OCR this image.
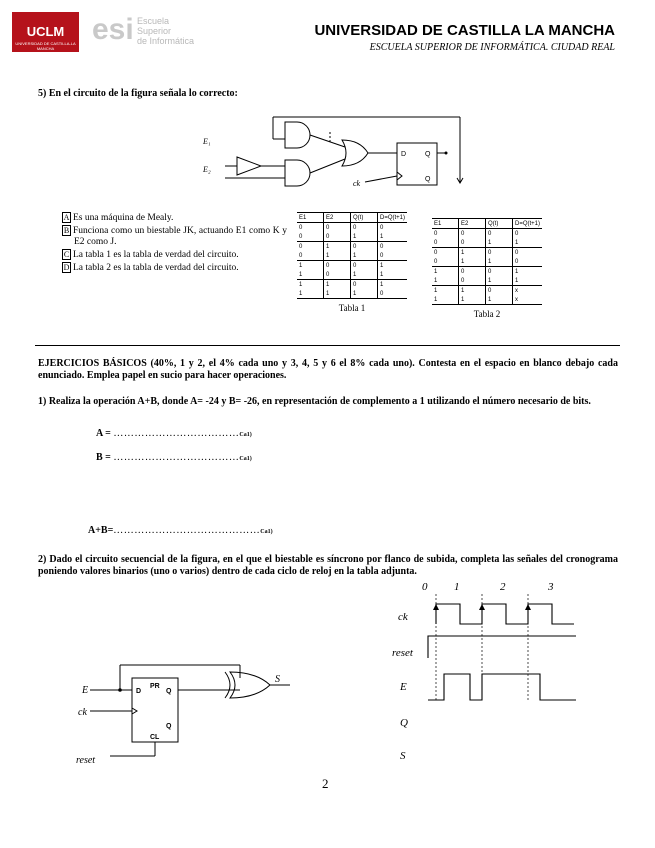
UCLM
UNIVERSIDAD DE CASTILLA-LA MANCHA
esi Escuela
Superior
de Informática
UNIVERSIDAD DE CASTILLA LA MANCHA
ESCUELA SUPERIOR DE INFORMÁTICA. CIUDAD REAL
5) En el circuito de la figura señala lo correcto:
E₁
E₂
ck
D	Q
Q
A Es una máquina de Mealy.
B Funciona como un biestable JK, actuando E1 como K y E2 como J.
C La tabla 1 es la tabla de verdad del circuito.
D La tabla 2 es la tabla de verdad del circuito.
E1	E2	Q(t)	D=Q(t+1)
0	0	0	0
0	0	1	1
0	1	0	0
0	1	1	0
1	0	0	1
1	0	1	1
1	1	0	1
1	1	1	0
Tabla 1
E1	E2	Q(t)	D=Q(t+1)
0	0	0	0
0	0	1	1
0	1	0	0
0	1	1	0
1	0	0	1
1	0	1	1
1	1	0	x
1	1	1	x
Tabla 2
EJERCICIOS BÁSICOS (40%, 1 y 2, el 4% cada uno y 3, 4, 5 y 6 el 8% cada uno). Contesta en el espacio en blanco debajo cada enunciado. Emplea papel en sucio para hacer operaciones.
1) Realiza la operación A+B, donde A= -24 y B= -26, en representación de complemento a 1 utilizando el número necesario de bits.
A = ………………………………Ca1)
B = ………………………………Ca1)
A+B=……………………………………Ca1)
2) Dado el circuito secuencial de la figura, en el que el biestable es síncrono por flanco de subida, completa las señales del cronograma poniendo valores binarios (uno o varios) dentro de cada ciclo de reloj en la tabla adjunta.
E
ck
reset
D
PR
Q
Q
CL
S
0 1	2	3
ck
reset
E
Q
S
2
